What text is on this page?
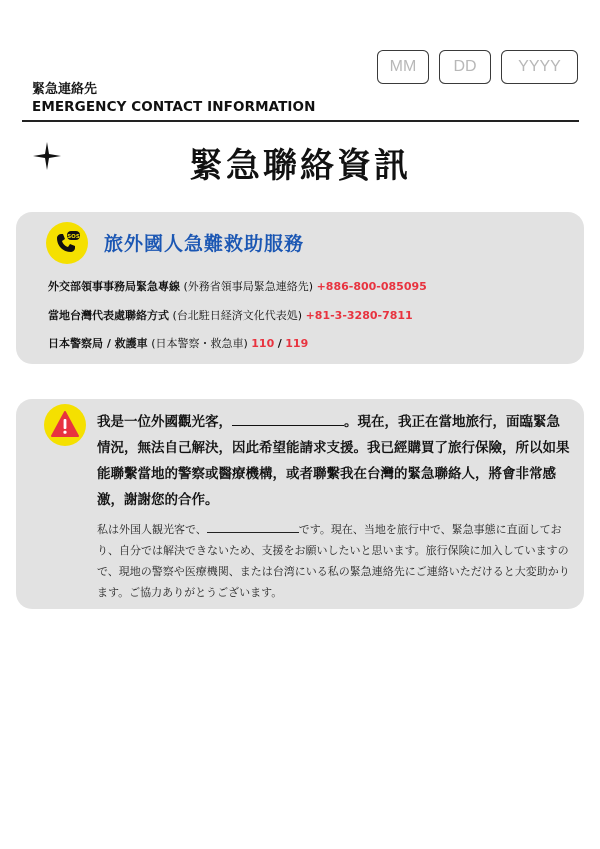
緊急連絡先
EMERGENCY CONTACT INFORMATION
MM	DD	YYYY
緊急聯絡資訊
SOS 旅外國人急難救助服務
外交部領事事務局緊急專線 (外務省領事局緊急連絡先) +886-800-085095
當地台灣代表處聯絡方式 (台北駐日経済文化代表処) +81-3-3280-7811
日本警察局 / 救護車 (日本警察・救急車) 110 / 119
我是一位外國觀光客，	。現在，我正在當地旅行，面臨緊急情況，無法自己解決，因此希望能請求支援。我已經購買了旅行保險，所以如果能聯繫當地的警察或醫療機構，或者聯繫我在台灣的緊急聯絡人，將會非常感激，謝謝您的合作。
私は外国人観光客で、	です。現在、当地を旅行中で、緊急事態に直面しており、自分では解決できないため、支援をお願いしたいと思います。旅行保険に加入していますので、現地の警察や医療機関、または台湾にいる私の緊急連絡先にご連絡いただけると大変助かります。ご協力ありがとうございます。
